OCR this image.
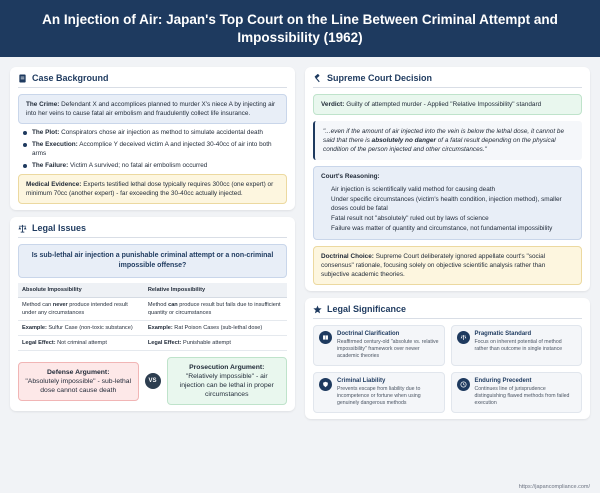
An Injection of Air: Japan's Top Court on the Line Between Criminal Attempt and Impossibility (1962)
Case Background
The Crime: Defendant X and accomplices planned to murder X's niece A by injecting air into her veins to cause fatal air embolism and fraudulently collect life insurance.
The Plot: Conspirators chose air injection as method to simulate accidental death
The Execution: Accomplice Y deceived victim A and injected 30-40cc of air into both arms
The Failure: Victim A survived; no fatal air embolism occurred
Medical Evidence: Experts testified lethal dose typically requires 300cc (one expert) or minimum 70cc (another expert) - far exceeding the 30-40cc actually injected.
Legal Issues
Is sub-lethal air injection a punishable criminal attempt or a non-criminal impossible offense?
Absolute Impossibility	Relative Impossibility
Method can never produce intended result under any circumstances	Method can produce result but fails due to insufficient quantity or circumstances
Example: Sulfur Case (non-toxic substance)	Example: Rat Poison Cases (sub-lethal dose)
Legal Effect: Not criminal attempt	Legal Effect: Punishable attempt
Defense Argument:
"Absolutely impossible" - sub-lethal dose cannot cause death
VS
Prosecution Argument:
"Relatively impossible" - air injection can be lethal in proper circumstances
Supreme Court Decision
Verdict: Guilty of attempted murder - Applied "Relative Impossibility" standard
"...even if the amount of air injected into the vein is below the lethal dose, it cannot be said that there is absolutely no danger of a fatal result depending on the physical condition of the person injected and other circumstances."
Court's Reasoning:
Air injection is scientifically valid method for causing death
Under specific circumstances (victim's health condition, injection method), smaller doses could be fatal
Fatal result not "absolutely" ruled out by laws of science
Failure was matter of quantity and circumstance, not fundamental impossibility
Doctrinal Choice: Supreme Court deliberately ignored appellate court's "social consensus" rationale, focusing solely on objective scientific analysis rather than subjective academic theories.
Legal Significance
Doctrinal Clarification
Reaffirmed century-old "absolute vs. relative impossibility" framework over newer academic theories
Pragmatic Standard
Focus on inherent potential of method rather than outcome in single instance
Criminal Liability
Prevents escape from liability due to incompetence or fortune when using genuinely dangerous methods
Enduring Precedent
Continues line of jurisprudence distinguishing flawed methods from failed execution
https://japancompliance.com/
